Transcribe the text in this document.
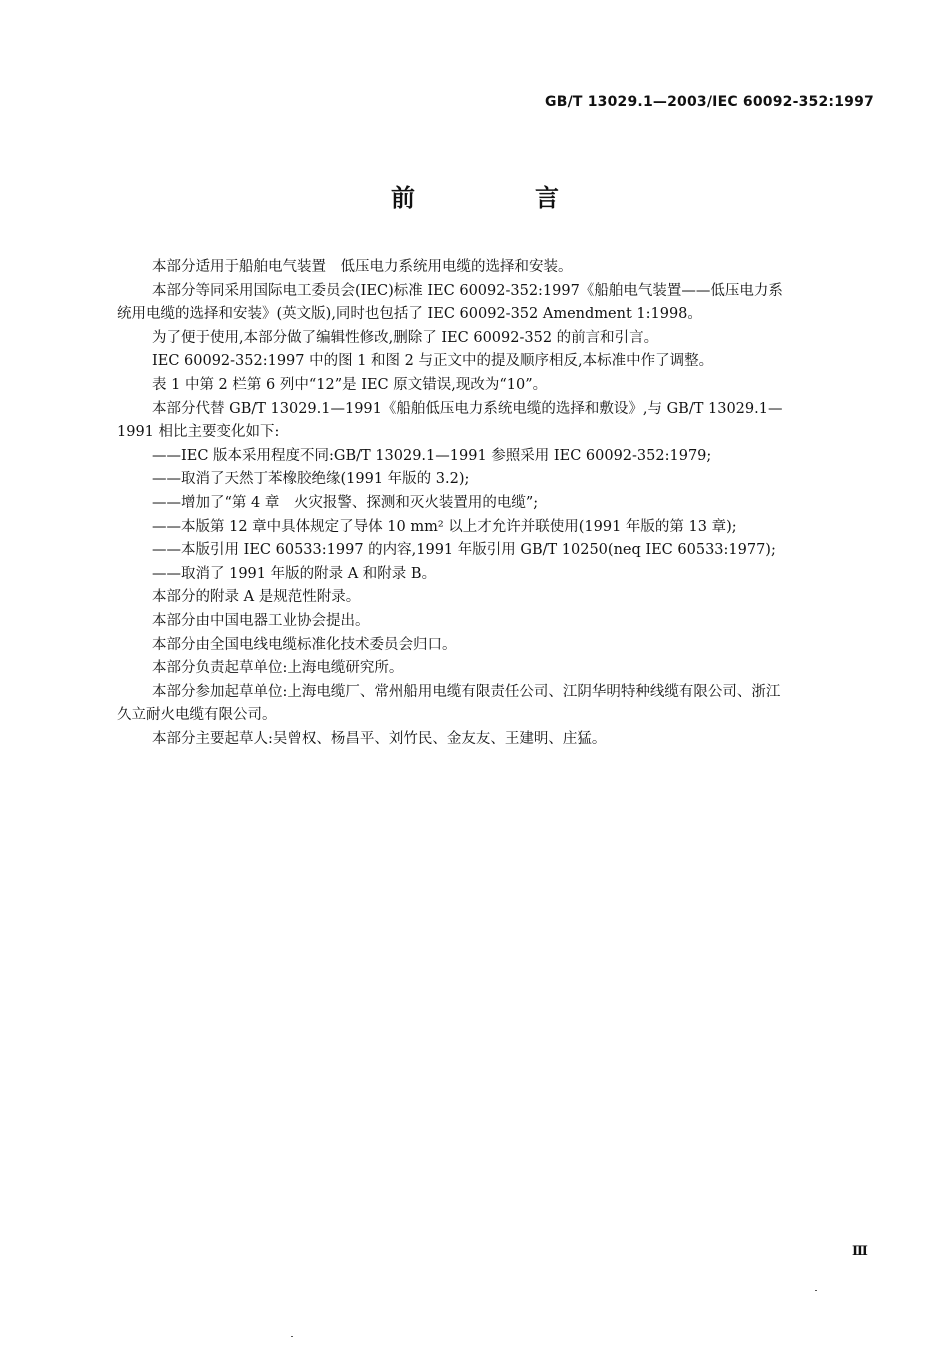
GB/T 13029.1—2003/IEC 60092-352:1997
前　言

本部分适用于船舶电气装置　低压电力系统用电缆的选择和安装。

本部分等同采用国际电工委员会(IEC)标准 IEC 60092-352:1997《船舶电气装置——低压电力系
统用电缆的选择和安装》(英文版),同时也包括了 IEC 60092-352 Amendment 1:1998。

为了便于使用,本部分做了编辑性修改,删除了 IEC 60092-352 的前言和引言。

IEC 60092-352:1997 中的图 1 和图 2 与正文中的提及顺序相反,本标准中作了调整。

表 1 中第 2 栏第 6 列中“12”是 IEC 原文错误,现改为“10”。

本部分代替 GB/T 13029.1—1991《船舶低压电力系统电缆的选择和敷设》,与 GB/T 13029.1—
1991 相比主要变化如下:

——IEC 版本采用程度不同:GB/T 13029.1—1991 参照采用 IEC 60092-352:1979;

——取消了天然丁苯橡胶绝缘(1991 年版的 3.2);

——增加了“第 4 章　火灾报警、探测和灭火装置用的电缆”;

——本版第 12 章中具体规定了导体 10 mm² 以上才允许并联使用(1991 年版的第 13 章);

——本版引用 IEC 60533:1997 的内容,1991 年版引用 GB/T 10250(neq IEC 60533:1977);

——取消了 1991 年版的附录 A 和附录 B。

本部分的附录 A 是规范性附录。

本部分由中国电器工业协会提出。

本部分由全国电线电缆标准化技术委员会归口。

本部分负责起草单位:上海电缆研究所。

本部分参加起草单位:上海电缆厂、常州船用电缆有限责任公司、江阴华明特种线缆有限公司、浙江
久立耐火电缆有限公司。

本部分主要起草人:吴曾权、杨昌平、刘竹民、金友友、王建明、庄猛。

Ⅲ
